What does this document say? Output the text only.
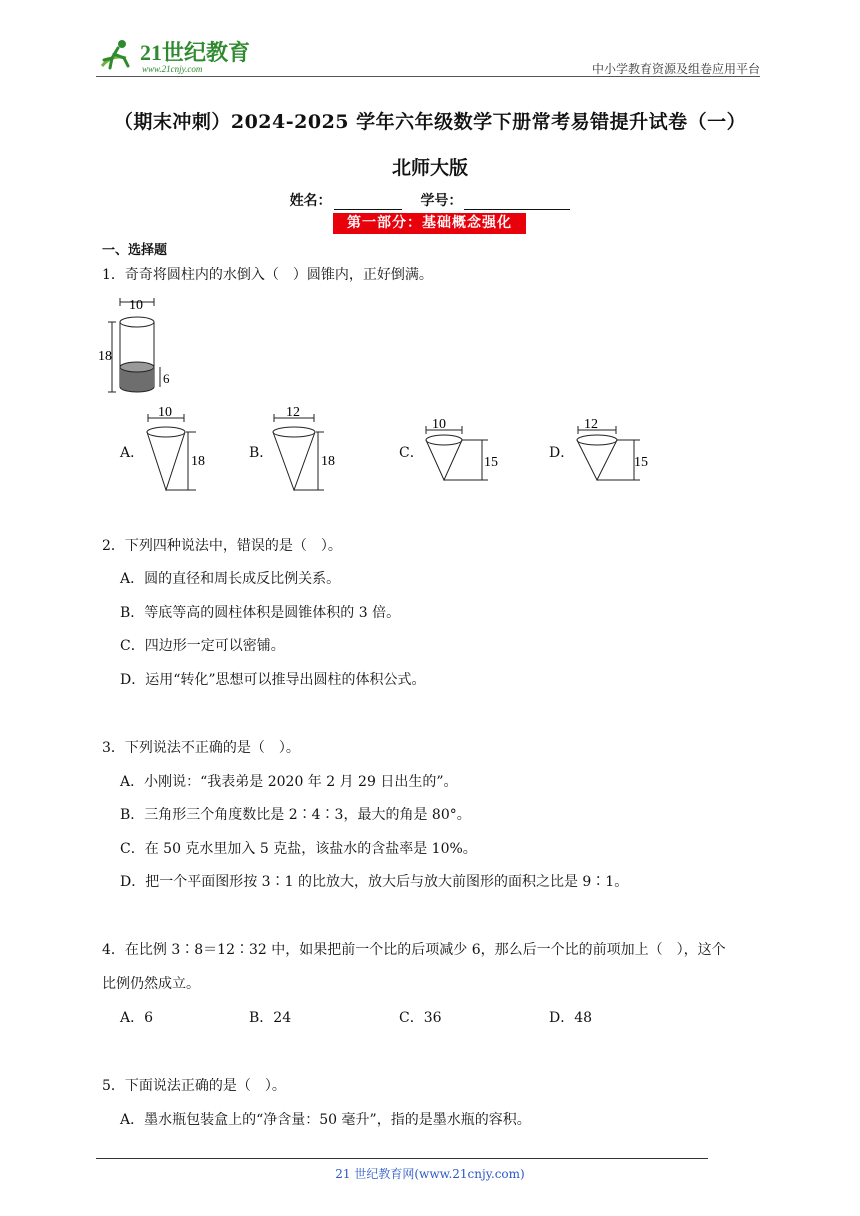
21世纪教育
www.21cnjy.com	中小学教育资源及组卷应用平台
（期末冲刺）2024-2025 学年六年级数学下册常考易错提升试卷（一）
北师大版
姓名：	学号：
第一部分：基础概念强化
一、选择题
1．奇奇将圆柱内的水倒入（　）圆锥内，正好倒满。
10
18
6
A．
10
18
B．
12
18
C．
10
15
D．
12
15
2．下列四种说法中，错误的是（　）。
A．圆的直径和周长成反比例关系。
B．等底等高的圆柱体积是圆锥体积的 3 倍。
C．四边形一定可以密铺。
D．运用“转化”思想可以推导出圆柱的体积公式。
3．下列说法不正确的是（　）。
A．小刚说：“我表弟是 2020 年 2 月 29 日出生的”。
B．三角形三个角度数比是 2∶4∶3，最大的角是 80°。
C．在 50 克水里加入 5 克盐，该盐水的含盐率是 10%。
D．把一个平面图形按 3∶1 的比放大，放大后与放大前图形的面积之比是 9∶1。
4．在比例 3∶8＝12∶32 中，如果把前一个比的后项减少 6，那么后一个比的前项加上（　），这个
比例仍然成立。
A．6	B．24	C．36	D．48
5．下面说法正确的是（　）。
A．墨水瓶包装盒上的“净含量：50 毫升”，指的是墨水瓶的容积。
21 世纪教育网(www.21cnjy.com)
